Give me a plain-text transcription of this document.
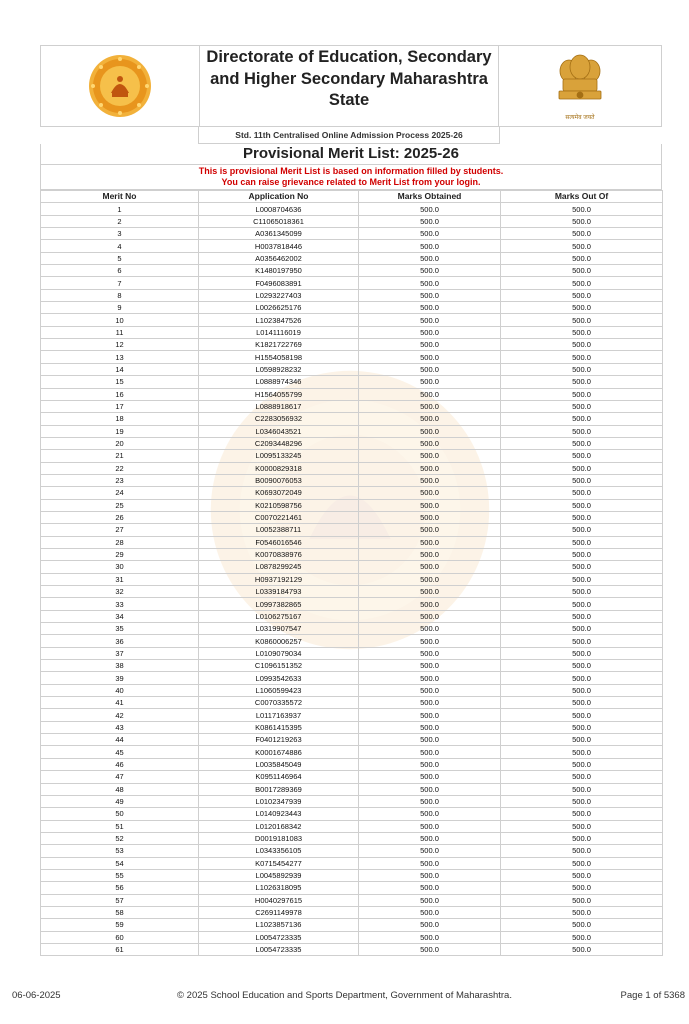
Directorate of Education, Secondary
and Higher Secondary Maharashtra
State
सत्यमेव जयते
Std. 11th Centralised Online Admission Process 2025-26
Provisional Merit List: 2025-26
This is provisional Merit List is based on information filled by students.
You can raise grievance related to Merit List from your login.
Merit No	Application No	Marks Obtained	Marks Out Of
1	L0008704636	500.0	500.0
2	C11065018361	500.0	500.0
3	A0361345099	500.0	500.0
4	H0037818446	500.0	500.0
5	A0356462002	500.0	500.0
6	K1480197950	500.0	500.0
7	F0496083891	500.0	500.0
8	L0293227403	500.0	500.0
9	L0026625176	500.0	500.0
10	L1023847526	500.0	500.0
11	L0141116019	500.0	500.0
12	K1821722769	500.0	500.0
13	H1554058198	500.0	500.0
14	L0598928232	500.0	500.0
15	L0888974346	500.0	500.0
16	H1564055799	500.0	500.0
17	L0888918617	500.0	500.0
18	C2283056932	500.0	500.0
19	L0346043521	500.0	500.0
20	C2093448296	500.0	500.0
21	L0095133245	500.0	500.0
22	K0000829318	500.0	500.0
23	B0090076053	500.0	500.0
24	K0693072049	500.0	500.0
25	K0210598756	500.0	500.0
26	C0070221461	500.0	500.0
27	L0052388711	500.0	500.0
28	F0546016546	500.0	500.0
29	K0070838976	500.0	500.0
30	L0878299245	500.0	500.0
31	H0937192129	500.0	500.0
32	L0339184793	500.0	500.0
33	L0997382865	500.0	500.0
34	L0106275167	500.0	500.0
35	L0319907547	500.0	500.0
36	K0860006257	500.0	500.0
37	L0109079034	500.0	500.0
38	C1096151352	500.0	500.0
39	L0993542633	500.0	500.0
40	L1060599423	500.0	500.0
41	C0070335572	500.0	500.0
42	L0117163937	500.0	500.0
43	K0861415395	500.0	500.0
44	F0401219263	500.0	500.0
45	K0001674886	500.0	500.0
46	L0035845049	500.0	500.0
47	K0951146964	500.0	500.0
48	B0017289369	500.0	500.0
49	L0102347939	500.0	500.0
50	L0140923443	500.0	500.0
51	L0120168342	500.0	500.0
52	D0019181083	500.0	500.0
53	L0343356105	500.0	500.0
54	K0715454277	500.0	500.0
55	L0045892939	500.0	500.0
56	L1026318095	500.0	500.0
57	H0040297615	500.0	500.0
58	C2691149978	500.0	500.0
59	L1023857136	500.0	500.0
60	L0054723335	500.0	500.0
61	L0054723335	500.0	500.0
© 2025 School Education and Sports Department, Government of Maharashtra.
06-06-2025	Page 1 of 5368
